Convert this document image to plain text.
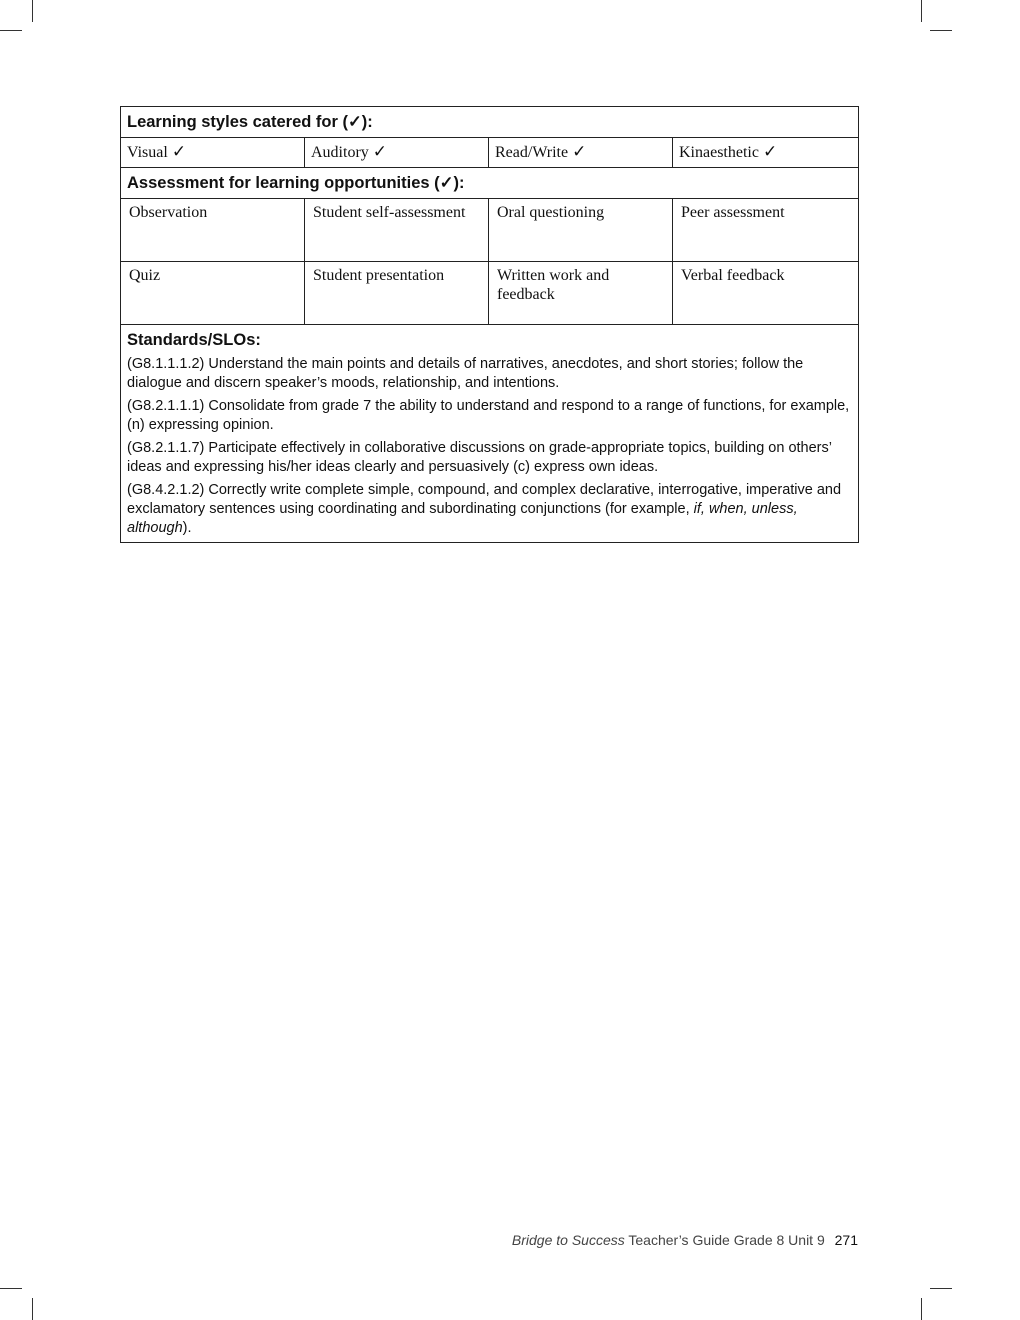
Learning styles catered for (✓):			
Visual ✓	Auditory ✓	Read/Write ✓	Kinaesthetic ✓
Assessment for learning opportunities (✓):			
Observation	Student self-assessment	Oral questioning	Peer assessment
Quiz	Student presentation	Written work and feedback	Verbal feedback

Standards/SLOs:
(G8.1.1.1.2) Understand the main points and details of narratives, anecdotes, and short stories; follow the dialogue and discern speaker’s moods, relationship, and intentions.
(G8.2.1.1.1) Consolidate from grade 7 the ability to understand and respond to a range of functions, for example, (n) expressing opinion.
(G8.2.1.1.7) Participate effectively in collaborative discussions on grade-appropriate topics, building on others’ ideas and expressing his/her ideas clearly and persuasively (c) express own ideas.
(G8.4.2.1.2) Correctly write complete simple, compound, and complex declarative, interrogative, imperative and exclamatory sentences using coordinating and subordinating conjunctions (for example, if, when, unless, although).			
Bridge to Success Teacher’s Guide Grade 8 Unit 9 271
